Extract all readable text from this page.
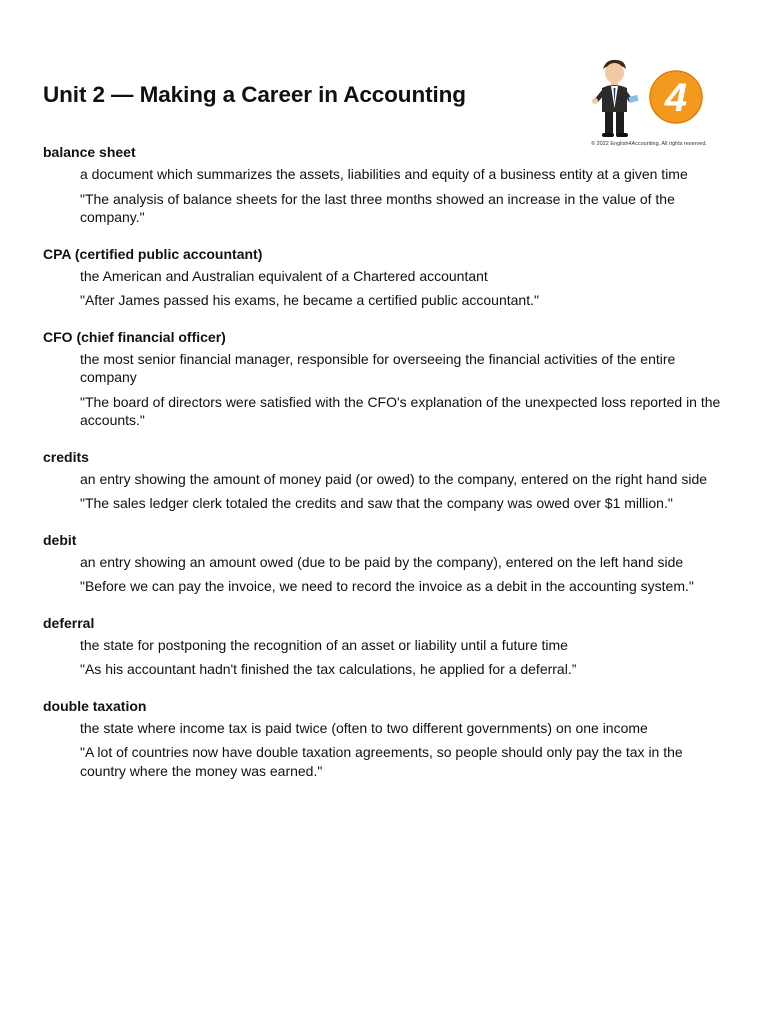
Unit 2 — Making a Career in Accounting	4
© 2022 English4Accounting. All rights reserved.
balance sheet
a document which summarizes the assets, liabilities and equity of a business entity at a given time
"The analysis of balance sheets for the last three months showed an increase in the value of the company."
CPA (certified public accountant)
the American and Australian equivalent of a Chartered accountant
"After James passed his exams, he became a certified public accountant."
CFO (chief financial officer)
the most senior financial manager, responsible for overseeing the financial activities of the entire company
"The board of directors were satisfied with the CFO's explanation of the unexpected loss reported in the accounts."
credits
an entry showing the amount of money paid (or owed) to the company, entered on the right hand side
"The sales ledger clerk totaled the credits and saw that the company was owed over $1 million."
debit
an entry showing an amount owed (due to be paid by the company), entered on the left hand side
"Before we can pay the invoice, we need to record the invoice as a debit in the accounting system."
deferral
the state for postponing the recognition of an asset or liability until a future time
"As his accountant hadn't finished the tax calculations, he applied for a deferral.”
double taxation
the state where income tax is paid twice (often to two different governments) on one income
"A lot of countries now have double taxation agreements, so people should only pay the tax in the country where the money was earned."
